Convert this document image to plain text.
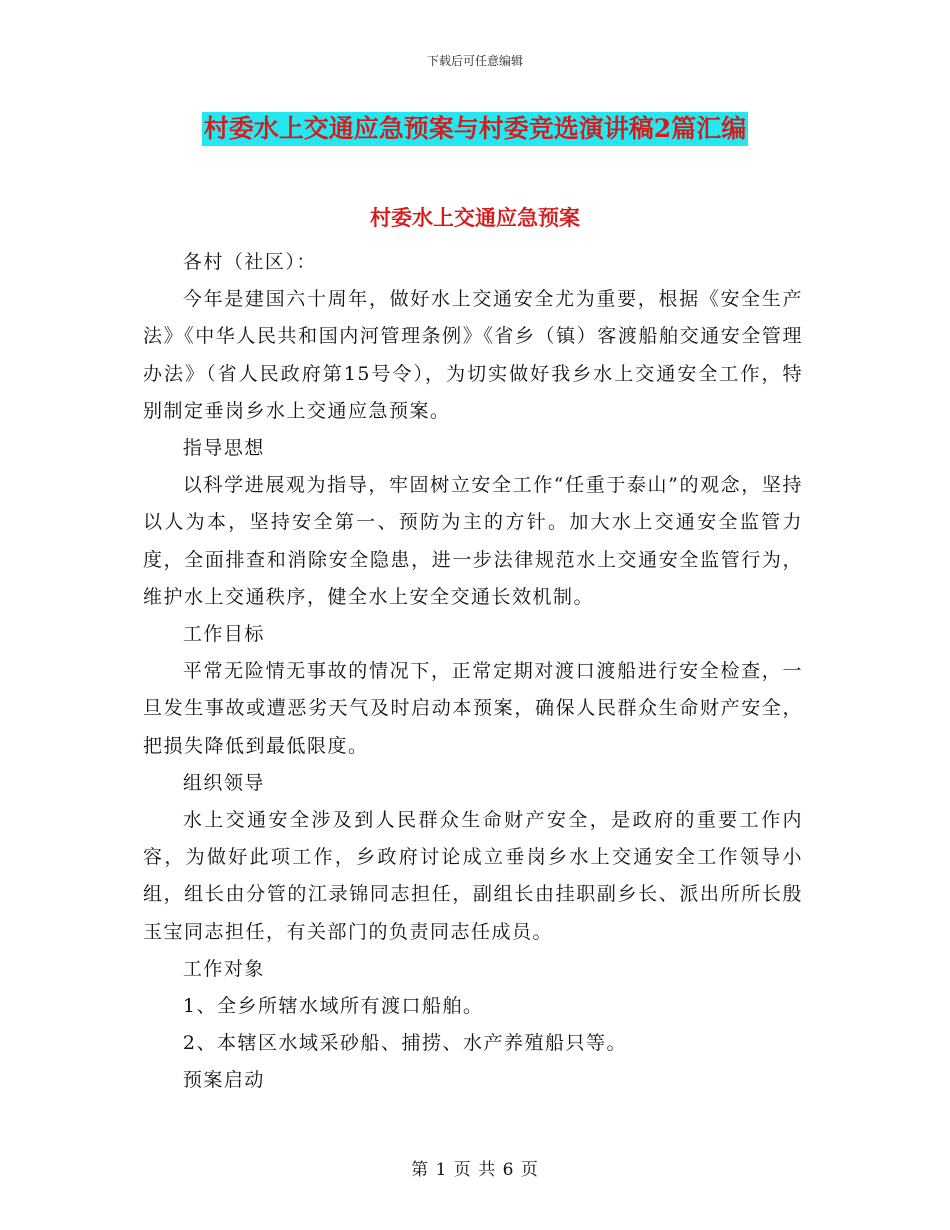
下载后可任意编辑
村委水上交通应急预案与村委竞选演讲稿2篇汇编
村委水上交通应急预案

各村（社区）：

今年是建国六十周年，做好水上交通安全尤为重要，根据《安全生产法》《中华人民共和国内河管理条例》《省乡（镇）客渡船舶交通安全管理办法》（省人民政府第15号令），为切实做好我乡水上交通安全工作，特别制定垂岗乡水上交通应急预案。

指导思想

以科学进展观为指导，牢固树立安全工作“任重于泰山”的观念，坚持以人为本，坚持安全第一、预防为主的方针。加大水上交通安全监管力度，全面排查和消除安全隐患，进一步法律规范水上交通安全监管行为，维护水上交通秩序，健全水上安全交通长效机制。

工作目标

平常无险情无事故的情况下，正常定期对渡口渡船进行安全检查，一旦发生事故或遭恶劣天气及时启动本预案，确保人民群众生命财产安全，把损失降低到最低限度。

组织领导

水上交通安全涉及到人民群众生命财产安全，是政府的重要工作内容，为做好此项工作，乡政府讨论成立垂岗乡水上交通安全工作领导小组，组长由分管的江录锦同志担任，副组长由挂职副乡长、派出所所长殷玉宝同志担任，有关部门的负责同志任成员。

工作对象

1、全乡所辖水域所有渡口船舶。

2、本辖区水域采砂船、捕捞、水产养殖船只等。

预案启动

第 1 页 共 6 页
